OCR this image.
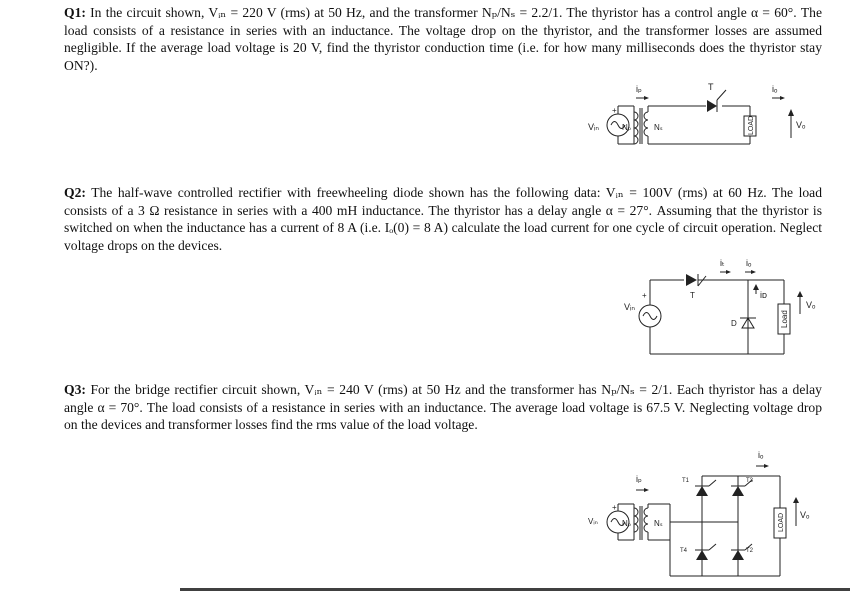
Q1: In the circuit shown, Vᵢₙ = 220 V (rms) at 50 Hz, and the transformer Nₚ/Nₛ = 2.2/1. The thyristor has a control angle α = 60°. The load consists of a resistance in series with an inductance. The voltage drop on the thyristor, and the transformer losses are assumed negligible. If the average load voltage is 20 V, find the thyristor conduction time (i.e. for how many milliseconds does the thyristor stay ON?).

Vᵢₙ
+
Nₚ	Nₛ
iₚ	T	iₒ
LOAD	Vₒ

Q2: The half-wave controlled rectifier with freewheeling diode shown has the following data: Vᵢₙ = 100V (rms) at 60 Hz. The load consists of a 3 Ω resistance in series with a 400 mH inductance. The thyristor has a delay angle α = 27°. Assuming that the thyristor is switched on when the inductance has a current of 8 A (i.e. Iₒ(0) = 8 A) calculate the load current for one cycle of circuit operation. Neglect voltage drops on the devices.

Vᵢₙ
+	T
iₜ iₒ
iᴅ
D	Load
Vₒ

Q3: For the bridge rectifier circuit shown, Vᵢₙ = 240 V (rms) at 50 Hz and the transformer has Nₚ/Nₛ = 2/1. Each thyristor has a delay angle α = 70°. The load consists of a resistance in series with an inductance. The average load voltage is 67.5 V. Neglecting voltage drop on the devices and transformer losses find the rms value of the load voltage.

Vᵢₙ
+
Nₚ	Nₛ
iₚ	T1	T3
T4	T2
iₒ
LOAD Vₒ
